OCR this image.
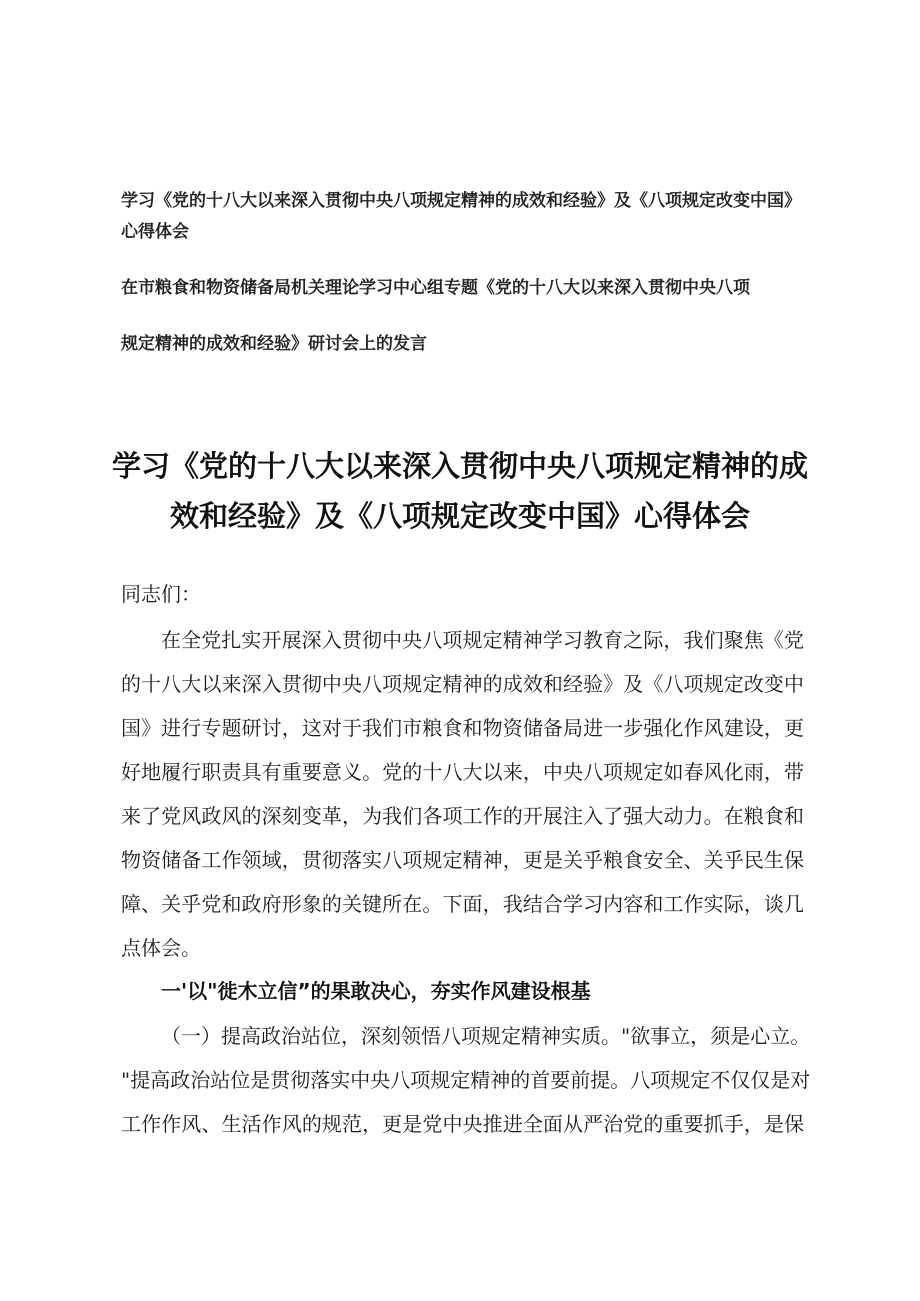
学习《党的十八大以来深入贯彻中央八项规定精神的成效和经验》及《八项规定改变中国》
心得体会
在市粮食和物资储备局机关理论学习中心组专题《党的十八大以来深入贯彻中央八项
规定精神的成效和经验》研讨会上的发言
学习《党的十八大以来深入贯彻中央八项规定精神的成
效和经验》及《八项规定改变中国》心得体会
同志们：
在全党扎实开展深入贯彻中央八项规定精神学习教育之际，我们聚焦《党
的十八大以来深入贯彻中央八项规定精神的成效和经验》及《八项规定改变中
国》进行专题研讨，这对于我们市粮食和物资储备局进一步强化作风建设，更
好地履行职责具有重要意义。党的十八大以来，中央八项规定如春风化雨，带
来了党风政风的深刻变革，为我们各项工作的开展注入了强大动力。在粮食和
物资储备工作领域，贯彻落实八项规定精神，更是关乎粮食安全、关乎民生保
障、关乎党和政府形象的关键所在。下面，我结合学习内容和工作实际，谈几
点体会。
一'以"徙木立信”的果敢决心，夯实作风建设根基
（一）提高政治站位，深刻领悟八项规定精神实质。"欲事立，须是心立。
"提高政治站位是贯彻落实中央八项规定精神的首要前提。八项规定不仅仅是对
工作作风、生活作风的规范，更是党中央推进全面从严治党的重要抓手，是保
